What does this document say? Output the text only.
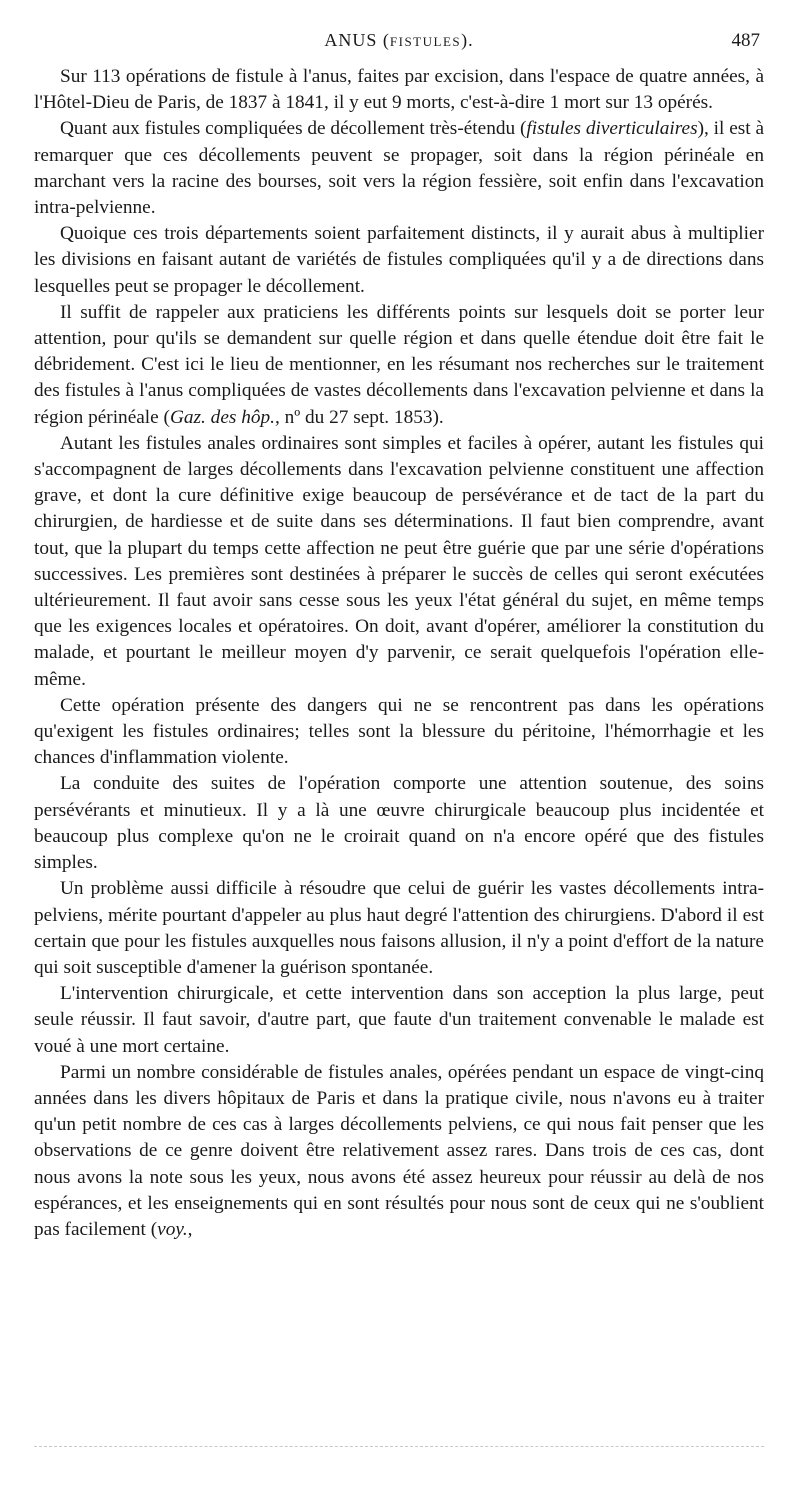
ANUS (FISTULES).	487

Sur 113 opérations de fistule à l'anus, faites par excision, dans l'espace de quatre années, à l'Hôtel-Dieu de Paris, de 1837 à 1841, il y eut 9 morts, c'est-à-dire 1 mort sur 13 opérés.

Quant aux fistules compliquées de décollement très-étendu (fistules diverticulaires), il est à remarquer que ces décollements peuvent se propager, soit dans la région périnéale en marchant vers la racine des bourses, soit vers la région fessière, soit enfin dans l'excavation intra-pelvienne.

Quoique ces trois départements soient parfaitement distincts, il y aurait abus à multiplier les divisions en faisant autant de variétés de fistules compliquées qu'il y a de directions dans lesquelles peut se propager le décollement.

Il suffit de rappeler aux praticiens les différents points sur lesquels doit se porter leur attention, pour qu'ils se demandent sur quelle région et dans quelle étendue doit être fait le débridement. C'est ici le lieu de mentionner, en les résumant nos recherches sur le traitement des fistules à l'anus compliquées de vastes décollements dans l'excavation pelvienne et dans la région périnéale (Gaz. des hôp., nº du 27 sept. 1853).

Autant les fistules anales ordinaires sont simples et faciles à opérer, autant les fistules qui s'accompagnent de larges décollements dans l'excavation pelvienne constituent une affection grave, et dont la cure définitive exige beaucoup de persévérance et de tact de la part du chirurgien, de hardiesse et de suite dans ses déterminations. Il faut bien comprendre, avant tout, que la plupart du temps cette affection ne peut être guérie que par une série d'opérations successives. Les premières sont destinées à préparer le succès de celles qui seront exécutées ultérieurement. Il faut avoir sans cesse sous les yeux l'état général du sujet, en même temps que les exigences locales et opératoires. On doit, avant d'opérer, améliorer la constitution du malade, et pourtant le meilleur moyen d'y parvenir, ce serait quelquefois l'opération elle-même.

Cette opération présente des dangers qui ne se rencontrent pas dans les opérations qu'exigent les fistules ordinaires; telles sont la blessure du péritoine, l'hémorrhagie et les chances d'inflammation violente.

La conduite des suites de l'opération comporte une attention soutenue, des soins persévérants et minutieux. Il y a là une œuvre chirurgicale beaucoup plus incidentée et beaucoup plus complexe qu'on ne le croirait quand on n'a encore opéré que des fistules simples.

Un problème aussi difficile à résoudre que celui de guérir les vastes décollements intra-pelviens, mérite pourtant d'appeler au plus haut degré l'attention des chirurgiens. D'abord il est certain que pour les fistules auxquelles nous faisons allusion, il n'y a point d'effort de la nature qui soit susceptible d'amener la guérison spontanée.

L'intervention chirurgicale, et cette intervention dans son acception la plus large, peut seule réussir. Il faut savoir, d'autre part, que faute d'un traitement convenable le malade est voué à une mort certaine.

Parmi un nombre considérable de fistules anales, opérées pendant un espace de vingt-cinq années dans les divers hôpitaux de Paris et dans la pratique civile, nous n'avons eu à traiter qu'un petit nombre de ces cas à larges décollements pelviens, ce qui nous fait penser que les observations de ce genre doivent être relativement assez rares. Dans trois de ces cas, dont nous avons la note sous les yeux, nous avons été assez heureux pour réussir au delà de nos espérances, et les enseignements qui en sont résultés pour nous sont de ceux qui ne s'oublient pas facilement (voy.,
